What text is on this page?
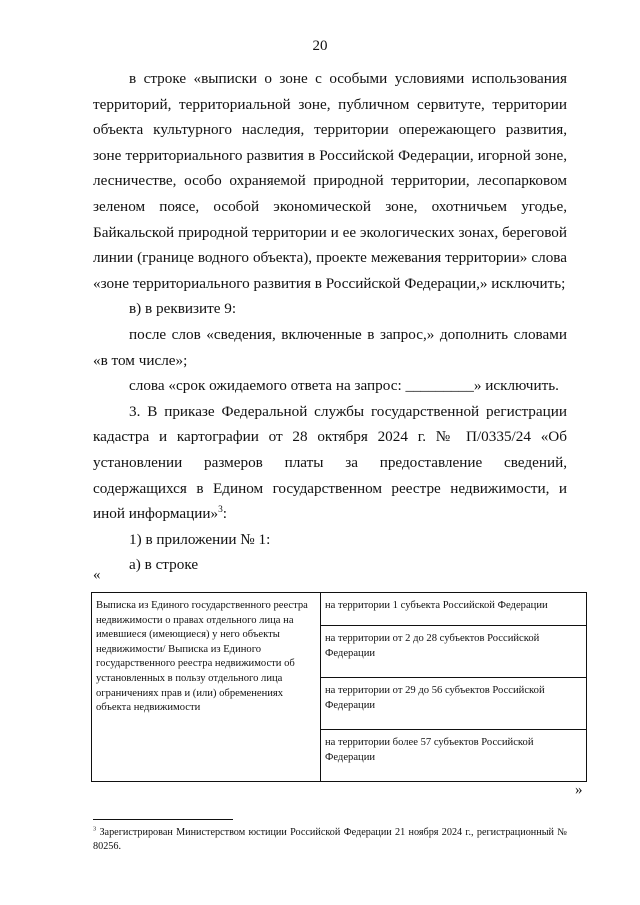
20

в строке «выписки о зоне с особыми условиями использования территорий, территориальной зоне, публичном сервитуте, территории объекта культурного наследия, территории опережающего развития, зоне территориального развития в Российской Федерации, игорной зоне, лесничестве, особо охраняемой природной территории, лесопарковом зеленом поясе, особой экономической зоне, охотничьем угодье, Байкальской природной территории и ее экологических зонах, береговой линии (границе водного объекта), проекте межевания территории» слова «зоне территориального развития в Российской Федерации,» исключить;

в) в реквизите 9:

после слов «сведения, включенные в запрос,» дополнить словами «в том числе»;

слова «срок ожидаемого ответа на запрос: _________» исключить.

3. В приказе Федеральной службы государственной регистрации кадастра и картографии от 28 октября 2024 г. № П/0335/24 «Об установлении размеров платы за предоставление сведений, содержащихся в Едином государственном реестре недвижимости, и иной информации»$^3$:

1) в приложении № 1:

а) в строке

«
Выписка из Единого государственного реестра недвижимости о правах отдельного лица на имевшиеся (имеющиеся) у него объекты недвижимости/ Выписка из Единого государственного реестра недвижимости об установленных в пользу отдельного лица ограничениях прав и (или) обременениях объекта недвижимости	на территории 1 субъекта Российской Федерации
на территории от 2 до 28 субъектов Российской Федерации
на территории от 29 до 56 субъектов Российской Федерации
на территории более 57 субъектов Российской Федерации
»
$^3$ Зарегистрирован Министерством юстиции Российской Федерации 21 ноября 2024 г., регистрационный № 80256.
